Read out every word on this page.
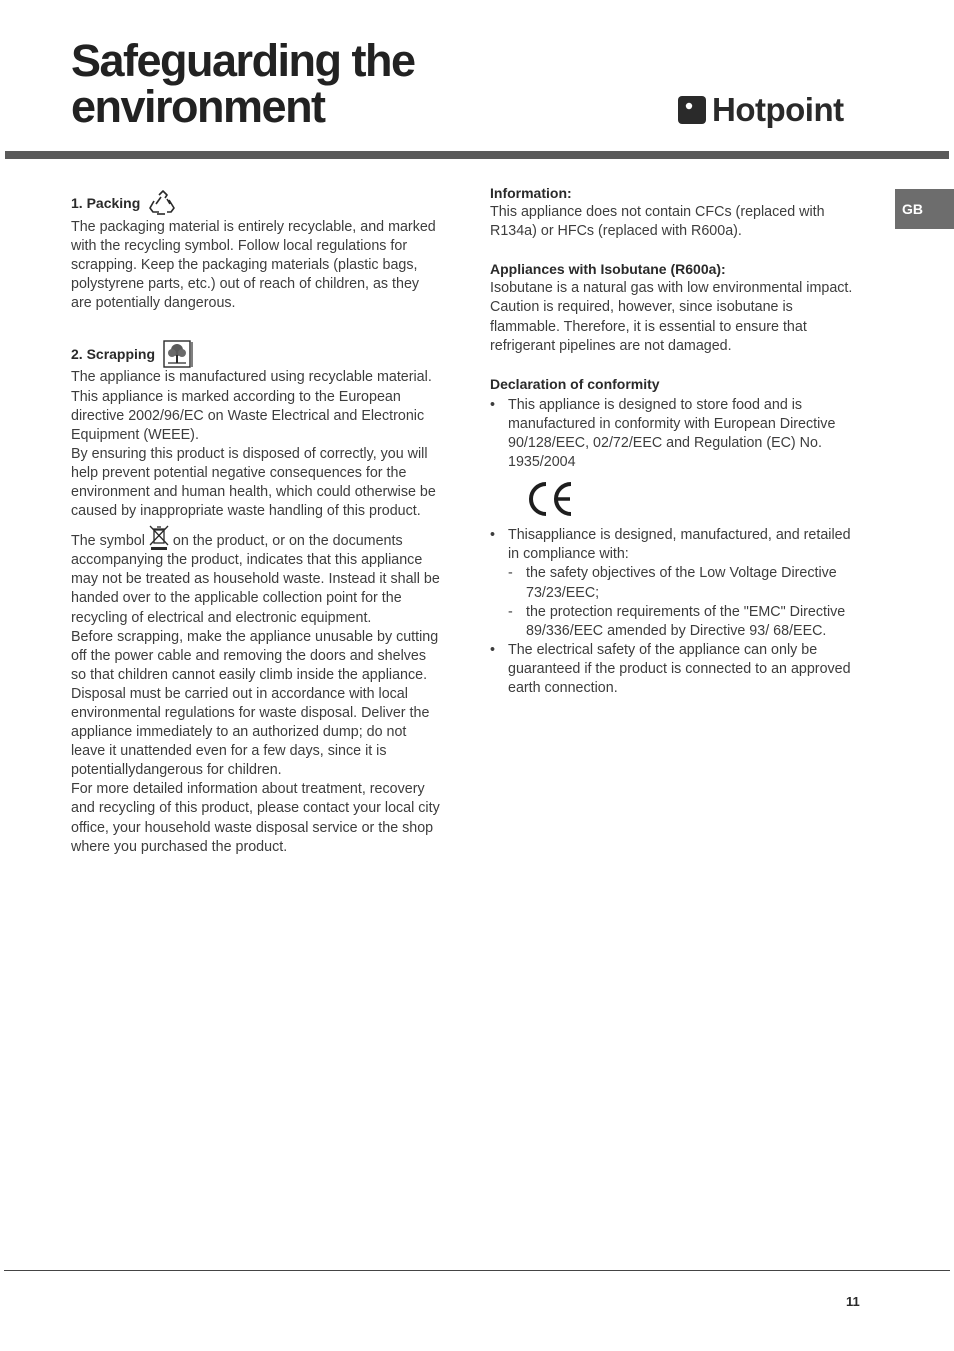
Safeguarding the
environment	Hotpoint
GB
1. Packing

The packaging material is entirely recyclable, and marked with the recycling symbol. Follow local regulations for scrapping. Keep the packaging materials (plastic bags, polystyrene parts, etc.) out of reach of children, as they are potentially dangerous.

2. Scrapping

The appliance is manufactured using recyclable material. This appliance is marked according to the European directive 2002/96/EC on Waste Electrical and Electronic Equipment (WEEE).

By ensuring this product is disposed of correctly, you will help prevent potential negative consequences for the environment and human health, which could otherwise be caused by inappropriate waste handling of this product.

The symbol on the product, or on the documents

accompanying the product, indicates that this appliance may not be treated as household waste. Instead it shall be handed over to the applicable collection point for the recycling of electrical and electronic equipment.

Before scrapping, make the appliance unusable by cutting off the power cable and removing the doors and shelves so that children cannot easily climb inside the appliance.

Disposal must be carried out in accordance with local environmental regulations for waste disposal. Deliver the appliance immediately to an authorized dump; do not leave it unattended even for a few days, since it is potentiallydangerous for children.

For more detailed information about treatment, recovery and recycling of this product, please contact your local city office, your household waste disposal service or the shop where you purchased the product.

Information:

This appliance does not contain CFCs (replaced with R134a) or HFCs (replaced with R600a).

Appliances with Isobutane (R600a):

Isobutane is a natural gas with low environmental impact. Caution is required, however, since isobutane is flammable. Therefore, it is essential to ensure that refrigerant pipelines are not damaged.

Declaration of conformity

• This appliance is designed to store food and is manufactured in conformity with European Directive 90/128/EEC, 02/72/EEC and Regulation (EC) No. 1935/2004
• Thisappliance is designed, manufactured, and retailed in compliance with:
- the safety objectives of the Low Voltage Directive 73/23/EEC;
- the protection requirements of the "EMC" Directive 89/336/EEC amended by Directive 93/ 68/EEC.
• The electrical safety of the appliance can only be guaranteed if the product is connected to an approved earth connection.
11
